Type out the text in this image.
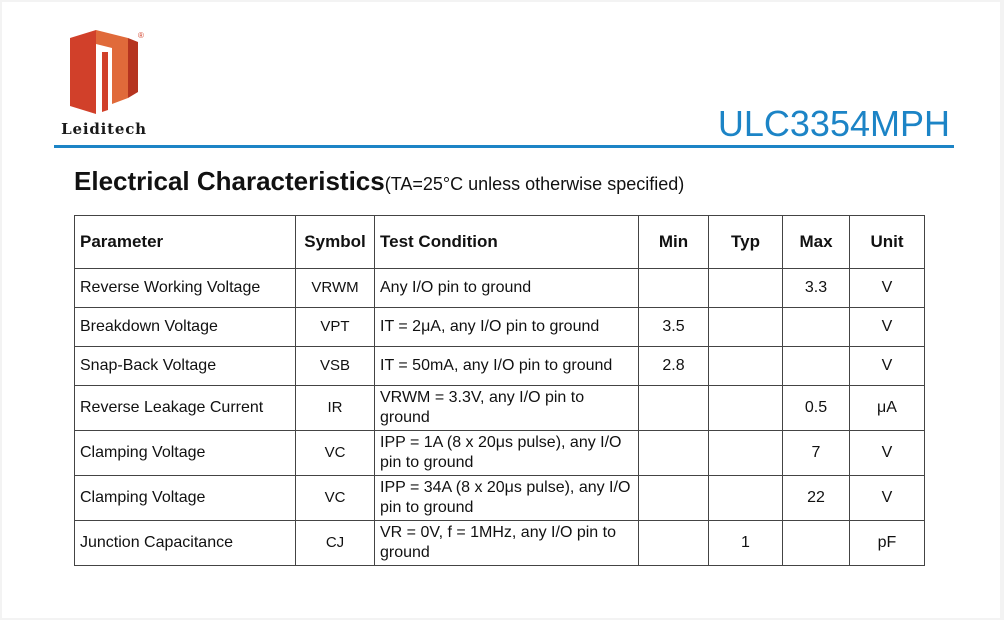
®
Leiditech	ULC3354MPH
Electrical Characteristics(TA=25°C unless otherwise specified)
Parameter	Symbol	Test Condition	Min	Typ	Max	Unit
Reverse Working Voltage	VRWM	Any I/O pin to ground			3.3	V
Breakdown Voltage	VPT	IT = 2μA, any I/O pin to ground	3.5			V
Snap-Back Voltage	VSB	IT = 50mA, any I/O pin to ground	2.8			V
Reverse Leakage Current	IR	VRWM = 3.3V, any I/O pin to ground			0.5	μA
Clamping Voltage	VC	IPP = 1A (8 x 20μs pulse), any I/O pin to ground			7	V
Clamping Voltage	VC	IPP = 34A (8 x 20μs pulse), any I/O pin to ground			22	V
Junction Capacitance	CJ	VR = 0V, f = 1MHz, any I/O pin to ground		1		pF
